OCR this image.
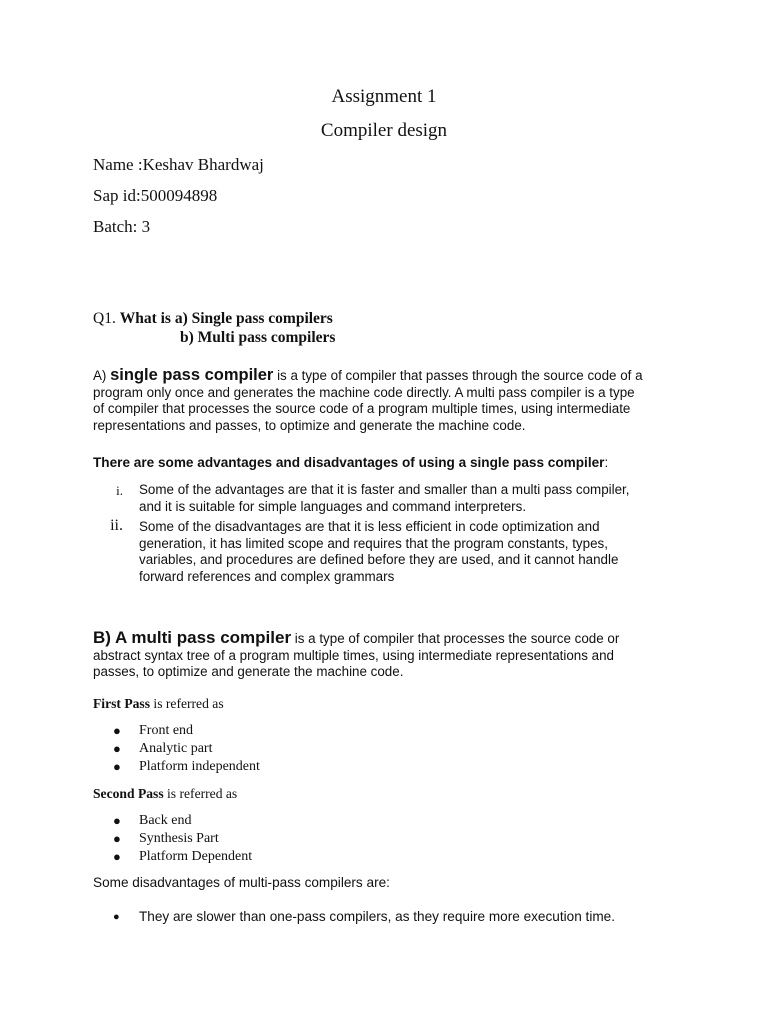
Assignment 1
Compiler design
Name :Keshav Bhardwaj
Sap id:500094898
Batch: 3
Q1. What is a) Single pass compilers
b) Multi pass compilers
A) single pass compiler is a type of compiler that passes through the source code of a
program only once and generates the machine code directly. A multi pass compiler is a type
of compiler that processes the source code of a program multiple times, using intermediate
representations and passes, to optimize and generate the machine code.
There are some advantages and disadvantages of using a single pass compiler:
i. Some of the advantages are that it is faster and smaller than a multi pass compiler,
and it is suitable for simple languages and command interpreters.
ii. Some of the disadvantages are that it is less efficient in code optimization and
generation, it has limited scope and requires that the program constants, types,
variables, and procedures are defined before they are used, and it cannot handle
forward references and complex grammars
B) A multi pass compiler is a type of compiler that processes the source code or
abstract syntax tree of a program multiple times, using intermediate representations and
passes, to optimize and generate the machine code.
First Pass is referred as
● Front end
● Analytic part
● Platform independent
Second Pass is referred as
● Back end
● Synthesis Part
● Platform Dependent
Some disadvantages of multi-pass compilers are:
● They are slower than one-pass compilers, as they require more execution time.
